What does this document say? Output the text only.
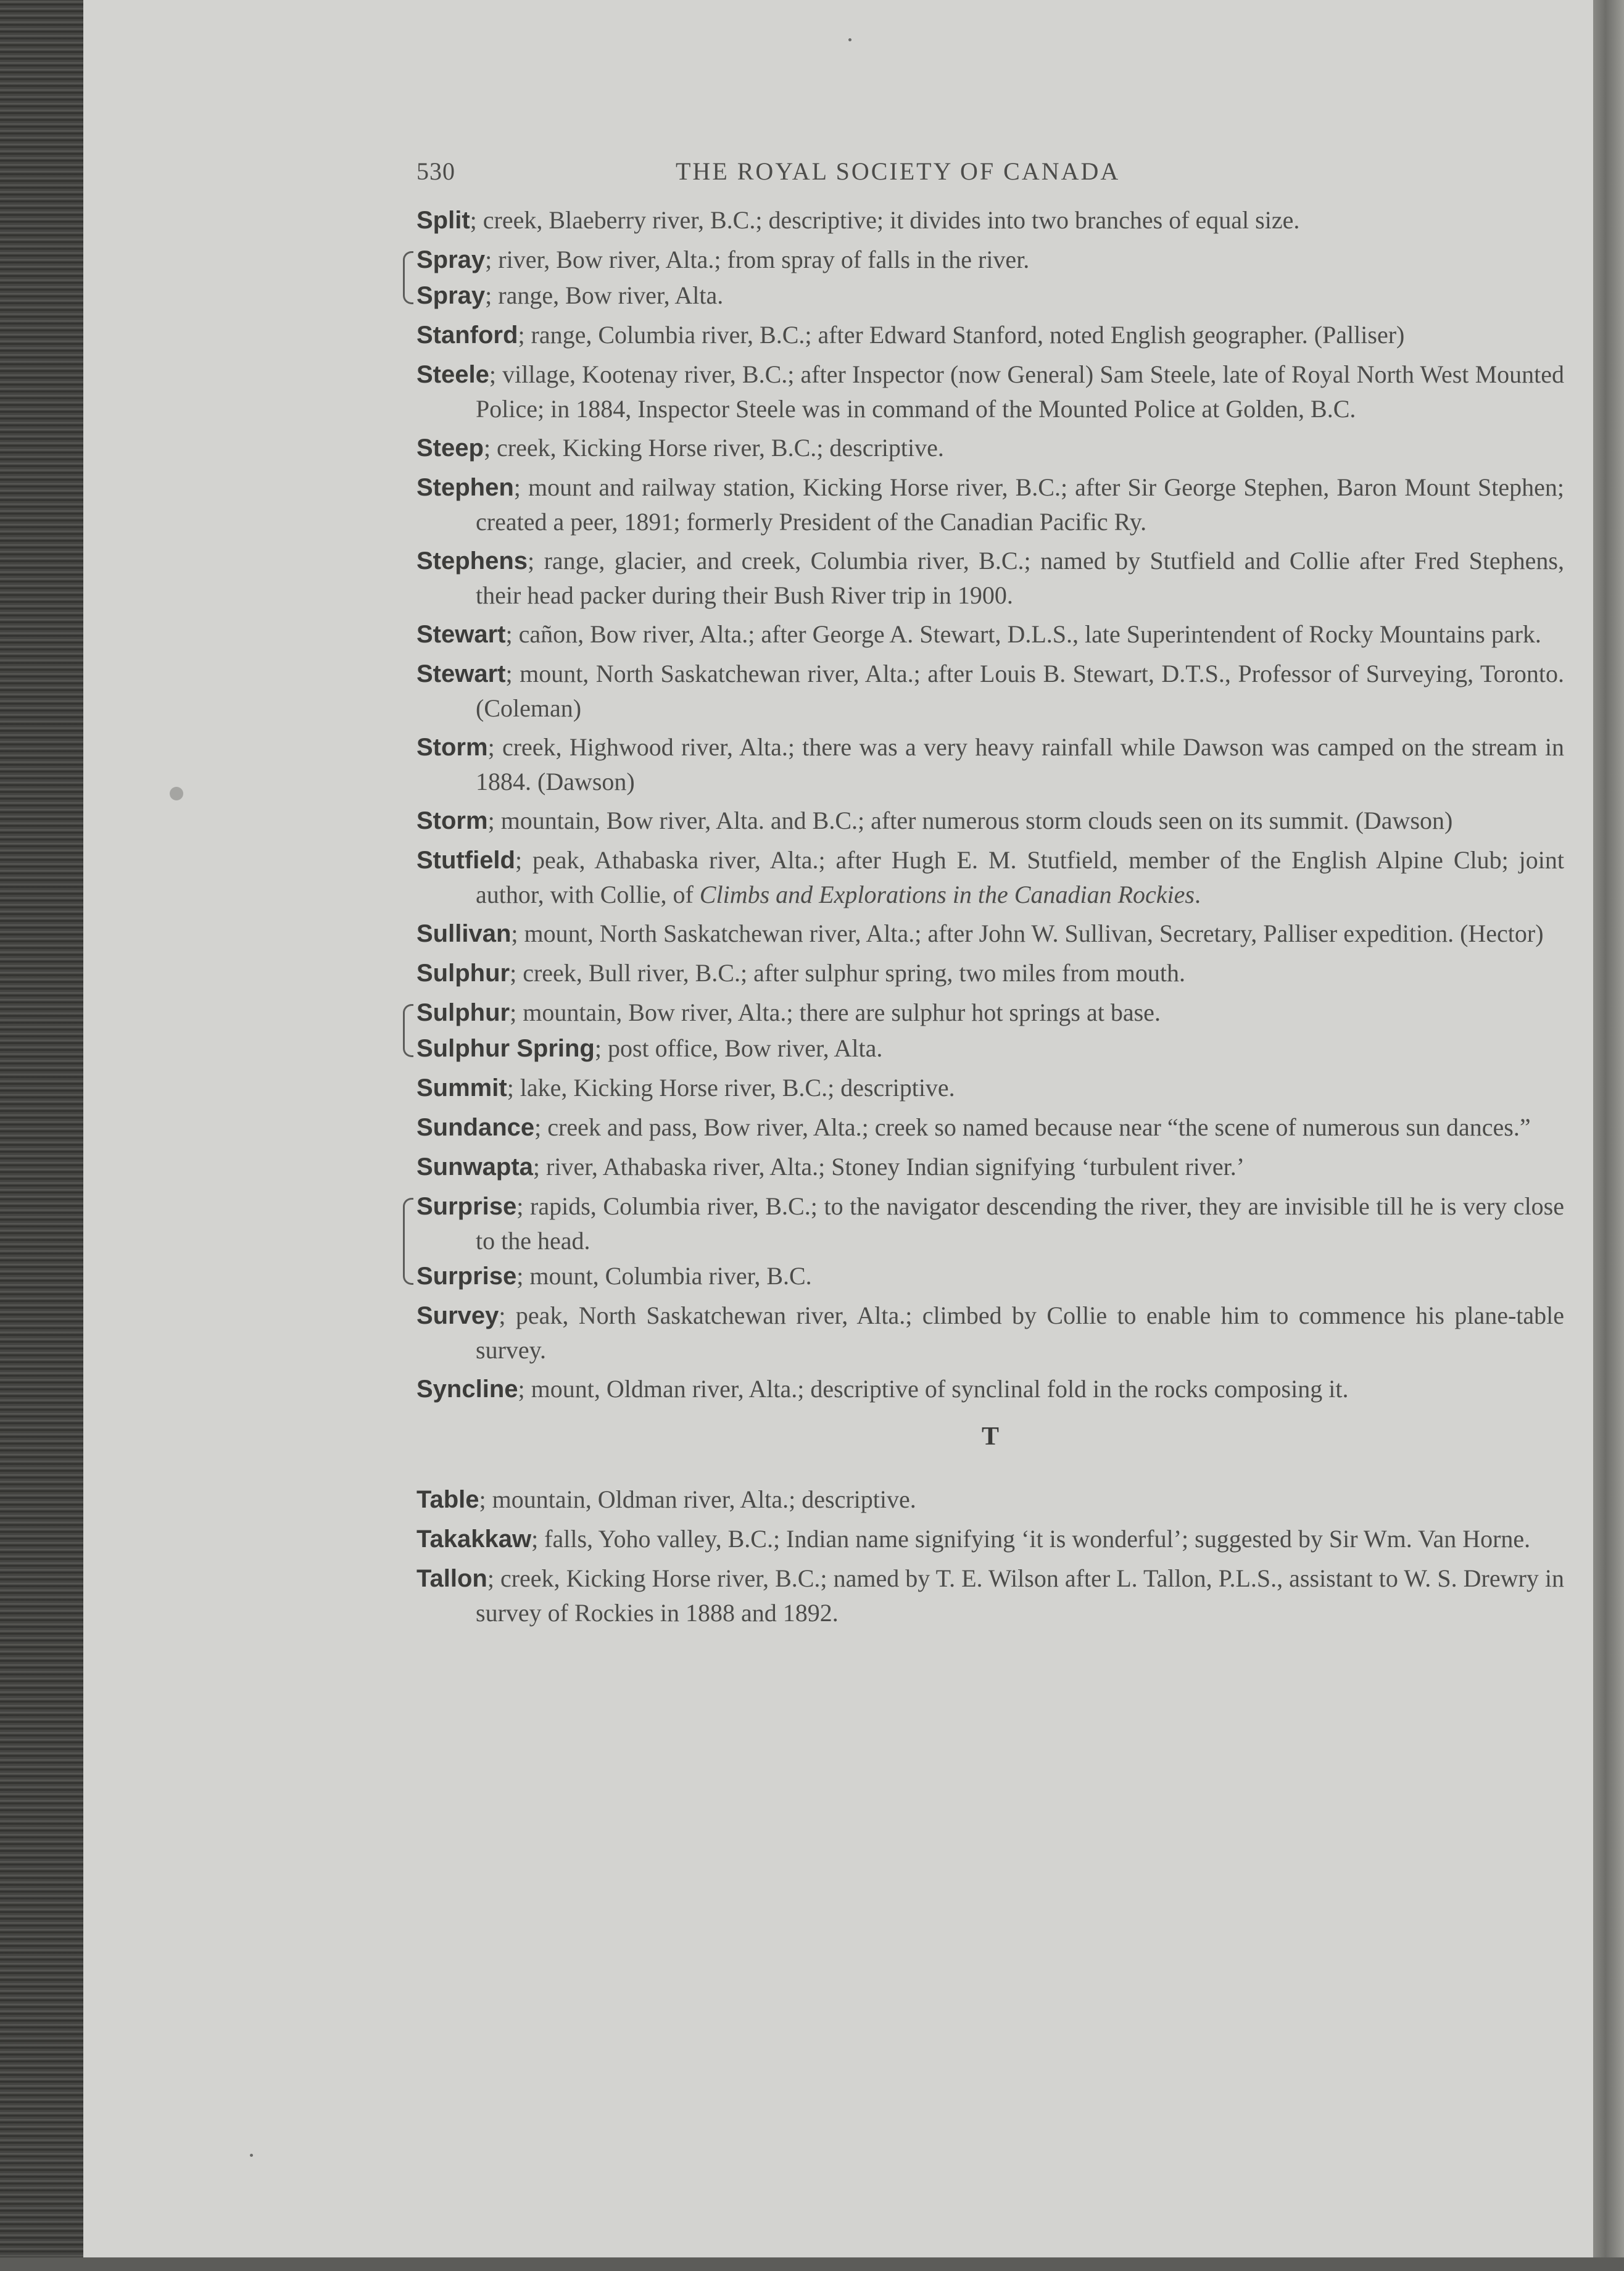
530	THE ROYAL SOCIETY OF CANADA

Split; creek, Blaeberry river, B.C.; descriptive; it divides into two branches of equal size.

Spray; river, Bow river, Alta.; from spray of falls in the river.

Spray; range, Bow river, Alta.

Stanford; range, Columbia river, B.C.; after Edward Stanford, noted English geographer. (Palliser)

Steele; village, Kootenay river, B.C.; after Inspector (now General) Sam Steele, late of Royal North West Mounted Police; in 1884, Inspector Steele was in command of the Mounted Police at Golden, B.C.

Steep; creek, Kicking Horse river, B.C.; descriptive.

Stephen; mount and railway station, Kicking Horse river, B.C.; after Sir George Stephen, Baron Mount Stephen; created a peer, 1891; formerly President of the Canadian Pacific Ry.

Stephens; range, glacier, and creek, Columbia river, B.C.; named by Stutfield and Collie after Fred Stephens, their head packer during their Bush River trip in 1900.

Stewart; cañon, Bow river, Alta.; after George A. Stewart, D.L.S., late Superintendent of Rocky Mountains park.

Stewart; mount, North Saskatchewan river, Alta.; after Louis B. Stewart, D.T.S., Professor of Surveying, Toronto. (Coleman)

Storm; creek, Highwood river, Alta.; there was a very heavy rainfall while Dawson was camped on the stream in 1884. (Dawson)

Storm; mountain, Bow river, Alta. and B.C.; after numerous storm clouds seen on its summit. (Dawson)

Stutfield; peak, Athabaska river, Alta.; after Hugh E. M. Stutfield, member of the English Alpine Club; joint author, with Collie, of Climbs and Explorations in the Canadian Rockies.

Sullivan; mount, North Saskatchewan river, Alta.; after John W. Sullivan, Secretary, Palliser expedition. (Hector)

Sulphur; creek, Bull river, B.C.; after sulphur spring, two miles from mouth.

Sulphur; mountain, Bow river, Alta.; there are sulphur hot springs at base.

Sulphur Spring; post office, Bow river, Alta.

Summit; lake, Kicking Horse river, B.C.; descriptive.

Sundance; creek and pass, Bow river, Alta.; creek so named because near “the scene of numerous sun dances.”

Sunwapta; river, Athabaska river, Alta.; Stoney Indian signifying ‘turbulent river.’

Surprise; rapids, Columbia river, B.C.; to the navigator descending the river, they are invisible till he is very close to the head.

Surprise; mount, Columbia river, B.C.

Survey; peak, North Saskatchewan river, Alta.; climbed by Collie to enable him to commence his plane-table survey.

Syncline; mount, Oldman river, Alta.; descriptive of synclinal fold in the rocks composing it.

T

Table; mountain, Oldman river, Alta.; descriptive.

Takakkaw; falls, Yoho valley, B.C.; Indian name signifying ‘it is wonderful’; suggested by Sir Wm. Van Horne.

Tallon; creek, Kicking Horse river, B.C.; named by T. E. Wilson after L. Tallon, P.L.S., assistant to W. S. Drewry in survey of Rockies in 1888 and 1892.
